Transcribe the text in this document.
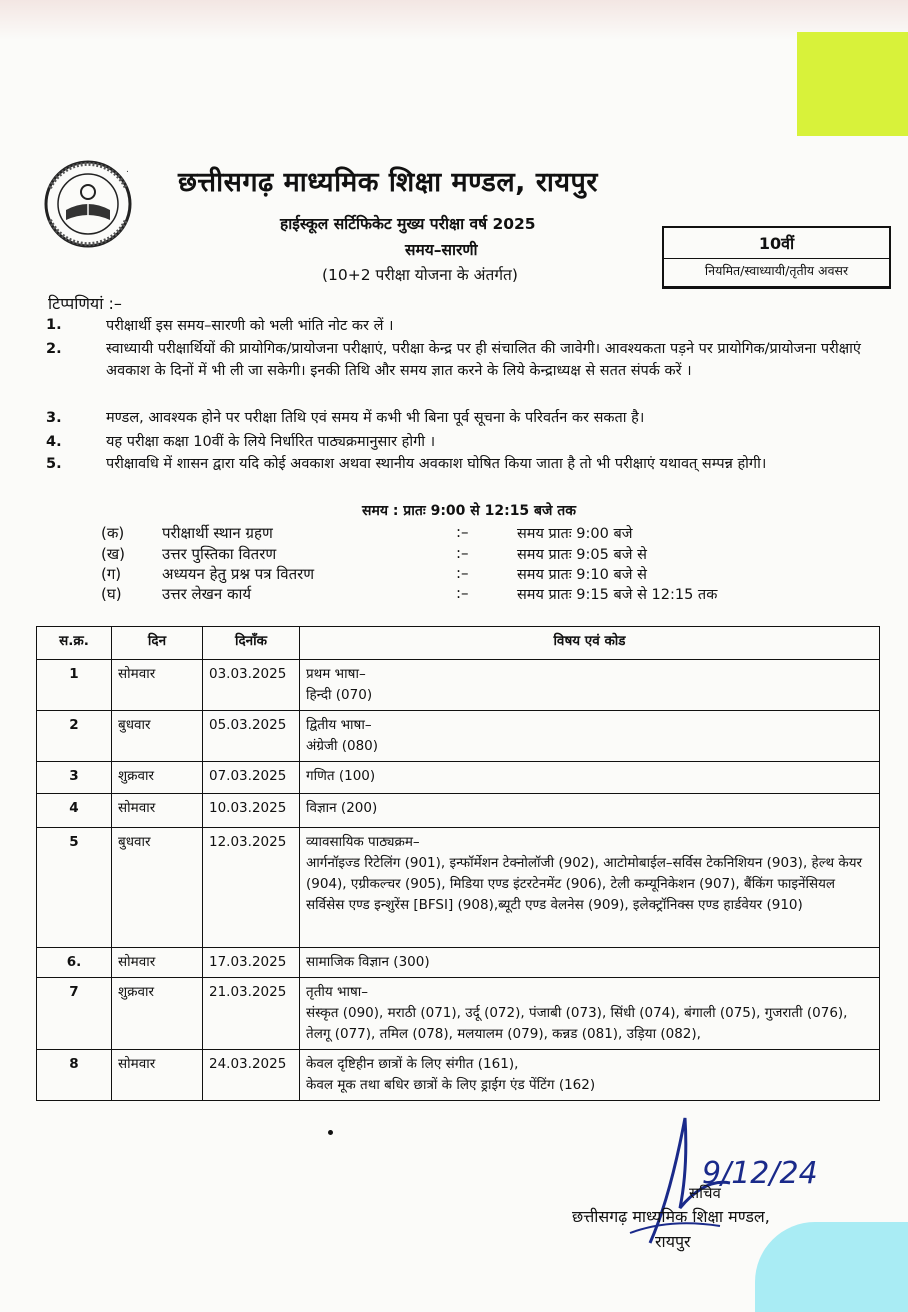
. छत्तीसगढ़ माध्यमिक शिक्षा मण्डल, रायपुर
हाईस्कूल सर्टिफिकेट मुख्य परीक्षा वर्ष 2025
समय–सारणी
(10+2 परीक्षा योजना के अंतर्गत)
10वीं
नियमित/स्वाध्यायी/तृतीय अवसर
टिप्पणियां :–
1.	परीक्षार्थी इस समय–सारणी को भली भांति नोट कर लें ।
2.	स्वाध्यायी परीक्षार्थियों की प्रायोगिक/प्रायोजना परीक्षाएं, परीक्षा केन्द्र पर ही संचालित की जावेगी। आवश्यकता पड़ने पर प्रायोगिक/प्रायोजना परीक्षाएं अवकाश के दिनों में भी ली जा सकेगी। इनकी तिथि और समय ज्ञात करने के लिये केन्द्राध्यक्ष से सतत संपर्क करें ।
3.	मण्डल, आवश्यक होने पर परीक्षा तिथि एवं समय में कभी भी बिना पूर्व सूचना के परिवर्तन कर सकता है।
4.	यह परीक्षा कक्षा 10वीं के लिये निर्धारित पाठ्यक्रमानुसार होगी ।
5.	परीक्षावधि में शासन द्वारा यदि कोई अवकाश अथवा स्थानीय अवकाश घोषित किया जाता है तो भी परीक्षाएं यथावत् सम्पन्न होगी।
समय : प्रातः 9:00 से 12:15 बजे तक
(क)	परीक्षार्थी स्थान ग्रहण	:–	समय प्रातः 9:00 बजे
(ख) उत्तर पुस्तिका वितरण	:–	समय प्रातः 9:05 बजे से
(ग)	अध्ययन हेतु प्रश्न पत्र वितरण	:–	समय प्रातः 9:10 बजे से
(घ)	उत्तर लेखन कार्य	:–	समय प्रातः 9:15 बजे से 12:15 तक
स.क्र.	दिन	दिनाँक	विषय एवं कोड
1	सोमवार	03.03.2025	प्रथम भाषा–
हिन्दी (070)

2	बुधवार	05.03.2025	द्वितीय भाषा–
अंग्रेजी (080)

3	शुक्रवार	07.03.2025	गणित (100)
4	सोमवार	10.03.2025	विज्ञान (200)
5	बुधवार	12.03.2025	व्यावसायिक पाठ्यक्रम–
आर्गनॉइज्ड रिटेलिंग (901), इन्फॉर्मेशन टेक्नोलॉजी (902), आटोमोबाईल–सर्विस टेकनिशियन (903), हेल्थ केयर (904), एग्रीकल्चर (905), मिडिया एण्ड इंटरटेनमेंट (906), टेली कम्यूनिकेशन (907), बैंकिंग फाइनेंसियल सर्विसेस एण्ड इन्शुरेंस [BFSI] (908),ब्यूटी एण्ड वेलनेस (909), इलेक्ट्रॉनिक्स एण्ड हार्डवेयर (910)

6.	सोमवार	17.03.2025	सामाजिक विज्ञान (300)
7	शुक्रवार	21.03.2025	तृतीय भाषा–
संस्कृत (090), मराठी (071), उर्दू (072), पंजाबी (073), सिंधी (074), बंगाली (075), गुजराती (076), तेलगू (077), तमिल (078), मलयालम (079), कन्नड (081), उड़िया (082),

8	सोमवार	24.03.2025	केवल दृष्टिहीन छात्रों के लिए संगीत (161),
केवल मूक तथा बधिर छात्रों के लिए ड्राईग एंड पेंटिंग (162)
9/12/24
सचिव
छत्तीसगढ़ माध्यमिक शिक्षा मण्डल,
रायपुर
